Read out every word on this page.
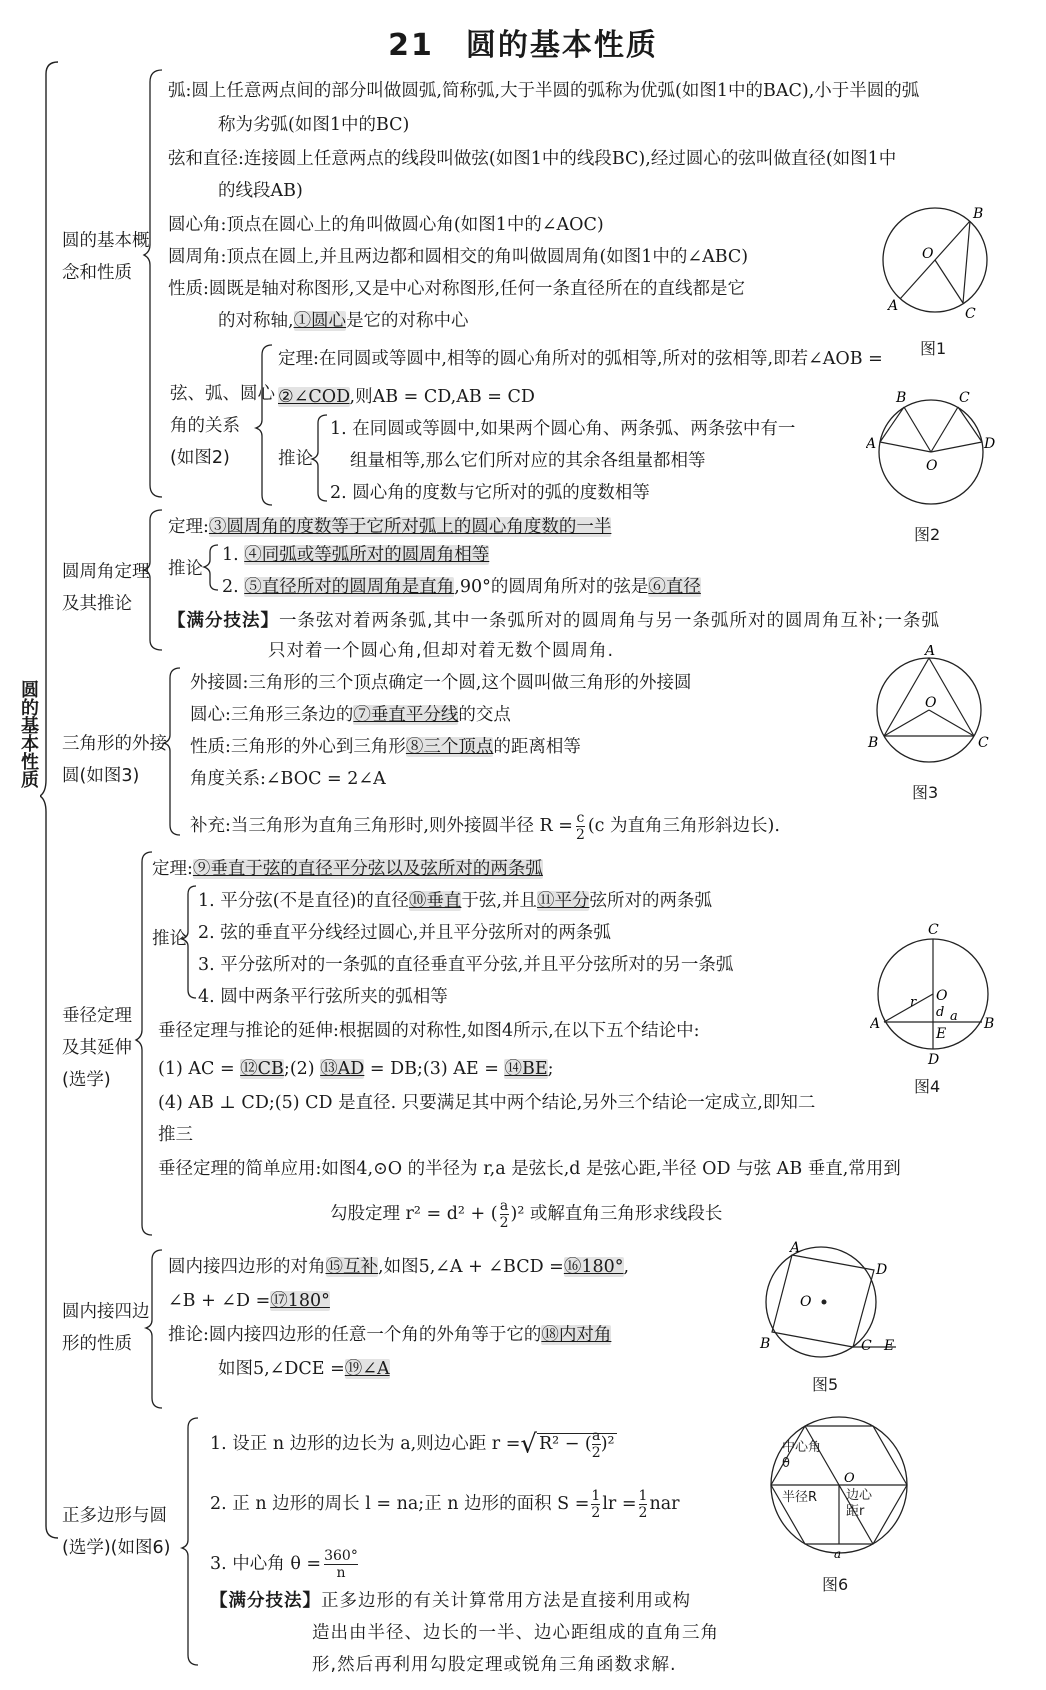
21　圆的基本性质
圆的基本性质
圆的基本概念和性质
弧:圆上任意两点间的部分叫做圆弧,简称弧,大于半圆的弧称为优弧(如图1中的BAC),小于半圆的弧
称为劣弧(如图1中的BC)
弦和直径:连接圆上任意两点的线段叫做弦(如图1中的线段BC),经过圆心的弦叫做直径(如图1中
的线段AB)
圆心角:顶点在圆心上的角叫做圆心角(如图1中的∠AOC)
圆周角:顶点在圆上,并且两边都和圆相交的角叫做圆周角(如图1中的∠ABC)
性质:圆既是轴对称图形,又是中心对称图形,任何一条直径所在的直线都是它
的对称轴,①圆心是它的对称中心
弦、弧、圆心
角的关系
(如图2)
定理:在同圆或等圆中,相等的圆心角所对的弧相等,所对的弦相等,即若∠AOB =
②∠COD,则AB = CD,AB = CD
推论
1. 在同圆或等圆中,如果两个圆心角、两条弧、两条弦中有一
组量相等,那么它们所对应的其余各组量都相等
2. 圆心角的度数与它所对的弧的度数相等
圆周角定理
及其推论
定理:③圆周角的度数等于它所对弧上的圆心角度数的一半
推论
1. ④同弧或等弧所对的圆周角相等
2. ⑤直径所对的圆周角是直角,90°的圆周角所对的弦是⑥直径
【满分技法】一条弦对着两条弧,其中一条弧所对的圆周角与另一条弧所对的圆周角互补;一条弧
只对着一个圆心角,但却对着无数个圆周角.
三角形的外接
圆(如图3)
外接圆:三角形的三个顶点确定一个圆,这个圆叫做三角形的外接圆
圆心:三角形三条边的⑦垂直平分线的交点
性质:三角形的外心到三角形⑧三个顶点的距离相等
角度关系:∠BOC = 2∠A
补充:当三角形为直角三角形时,则外接圆半径 $R = \frac{c}{2} (c$ 为直角三角形斜边长).
垂径定理
及其延伸
(选学)
定理:⑨垂直于弦的直径平分弦以及弦所对的两条弧
推论
1. 平分弦(不是直径)的直径⑩垂直于弦,并且⑪平分弦所对的两条弧
2. 弦的垂直平分线经过圆心,并且平分弦所对的两条弧
3. 平分弦所对的一条弧的直径垂直平分弦,并且平分弦所对的另一条弧
4. 圆中两条平行弦所夹的弧相等
垂径定理与推论的延伸:根据圆的对称性,如图4所示,在以下五个结论中:
(1) AC = ⑫CB;(2) ⑬AD = DB;(3) AE = ⑭BE;
(4) AB ⊥ CD;(5) CD 是直径. 只要满足其中两个结论,另外三个结论一定成立,即知二
推三
垂径定理的简单应用:如图4,⊙O 的半径为 r,a 是弦长,d 是弦心距,半径 OD 与弦 AB 垂直,常用到
勾股定理 r² = d² + ( $\frac{a}{2} )^2$ 或解直角三角形求线段长
圆内接四边
形的性质
圆内接四边形的对角⑮互补,如图5,∠A + ∠BCD =⑯180°,
∠B + ∠D =⑰180°
推论:圆内接四边形的任意一个角的外角等于它的⑱内对角
如图5,∠DCE =⑲∠A
正多边形与圆
(选学)(如图6)
1. 设正 n 边形的边长为 a,则边心距 r =√ R² − ( $\frac{a}{2} )^2$
2. 正 n 边形的周长 l = na;正 n 边形的面积 $S = \frac{1}{2}$ lr = $\frac{1}{2}$ nar
3. 中心角 $\theta = \frac{360^\circ}{n}$
【满分技法】正多边形的有关计算常用方法是直接利用或构
造出由半径、边长的一半、边心距组成的直角三角
形,然后再利用勾股定理或锐角三角函数求解.
O
B
A	C
图1
B	C
A	D
O
图2
A
O
B	C
图3
C
O
r
d a
A	B
E
D
图4
O
A
D
B	C E
图5
O
a
中心角θ
半径R 边心距r
图6
